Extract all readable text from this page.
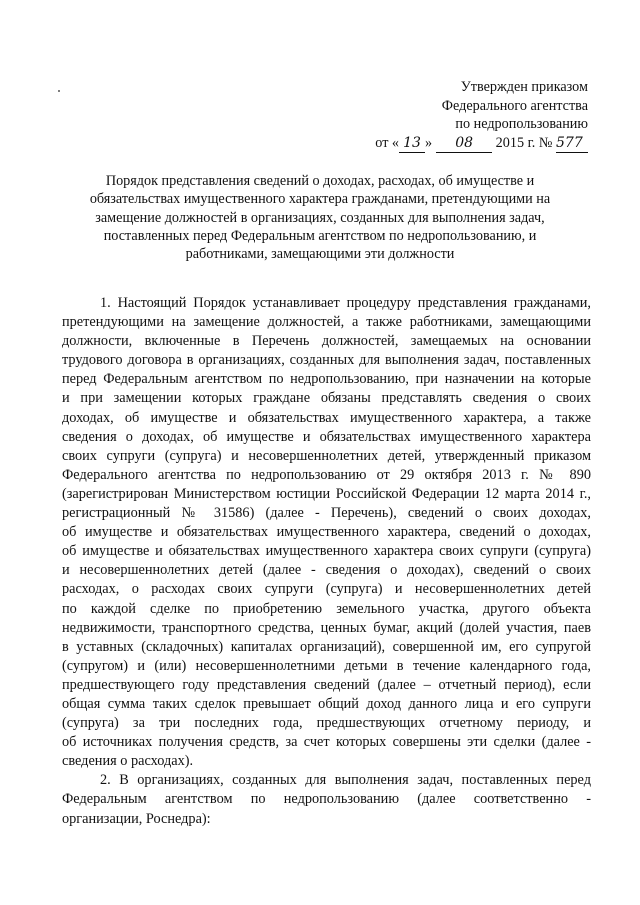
Утвержден приказом
Федерального агентства
по недропользованию
от « 13 » 08 2015 г. № 577
Порядок представления сведений о доходах, расходах, об имуществе и
обязательствах имущественного характера гражданами, претендующими на
замещение должностей в организациях, созданных для выполнения задач,
поставленных перед Федеральным агентством по недропользованию, и
работниками, замещающими эти должности
1. Настоящий Порядок устанавливает процедуру представления гражданами,
претендующими на замещение должностей, а также работниками, замещающими
должности, включенные в Перечень должностей, замещаемых на основании
трудового договора в организациях, созданных для выполнения задач, поставленных
перед Федеральным агентством по недропользованию, при назначении на которые
и при замещении которых граждане обязаны представлять сведения о своих
доходах, об имуществе и обязательствах имущественного характера, а также
сведения о доходах, об имуществе и обязательствах имущественного характера
своих супруги (супруга) и несовершеннолетних детей, утвержденный приказом
Федерального агентства по недропользованию от 29 октября 2013 г. № 890
(зарегистрирован Министерством юстиции Российской Федерации 12 марта 2014 г.,
регистрационный № 31586) (далее - Перечень), сведений о своих доходах,
об имуществе и обязательствах имущественного характера, сведений о доходах,
об имуществе и обязательствах имущественного характера своих супруги (супруга)
и несовершеннолетних детей (далее - сведения о доходах), сведений о своих
расходах, о расходах своих супруги (супруга) и несовершеннолетних детей
по каждой сделке по приобретению земельного участка, другого объекта
недвижимости, транспортного средства, ценных бумаг, акций (долей участия, паев
в уставных (складочных) капиталах организаций), совершенной им, его супругой
(супругом) и (или) несовершеннолетними детьми в течение календарного года,
предшествующего году представления сведений (далее – отчетный период), если
общая сумма таких сделок превышает общий доход данного лица и его супруги
(супруга) за три последних года, предшествующих отчетному периоду, и
об источниках получения средств, за счет которых совершены эти сделки (далее -
сведения о расходах).
2. В организациях, созданных для выполнения задач, поставленных перед
Федеральным агентством по недропользованию (далее соответственно -
организации, Роснедра):
